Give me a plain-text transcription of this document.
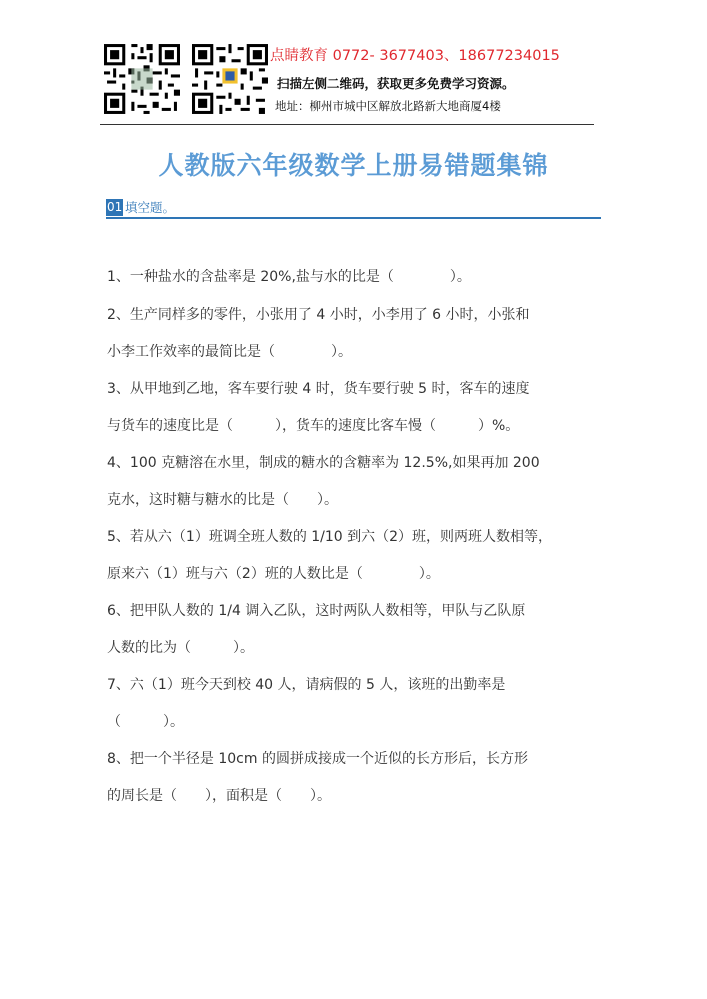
点睛教育 0772- 3677403、18677234015
扫描左侧二维码，获取更多免费学习资源。
地址：柳州市城中区解放北路新大地商厦4楼
人教版六年级数学上册易错题集锦
01 填空题。
1、一种盐水的含盐率是 20%,盐与水的比是（　　　　）。
2、生产同样多的零件，小张用了 4 小时，小李用了 6 小时，小张和
小李工作效率的最简比是（　　　　）。
3、从甲地到乙地，客车要行驶 4 时，货车要行驶 5 时，客车的速度
与货车的速度比是（　　　），货车的速度比客车慢（　　　）%。
4、100 克糖溶在水里，制成的糖水的含糖率为 12.5%,如果再加 200
克水，这时糖与糖水的比是（　　）。
5、若从六（1）班调全班人数的 1/10 到六（2）班，则两班人数相等，
原来六（1）班与六（2）班的人数比是（　　　　）。
6、把甲队人数的 1/4 调入乙队，这时两队人数相等，甲队与乙队原
人数的比为（　　　）。
7、六（1）班今天到校 40 人，请病假的 5 人，该班的出勤率是
（　　　）。
8、把一个半径是 10cm 的圆拼成接成一个近似的长方形后，长方形
的周长是（　　），面积是（　　）。
